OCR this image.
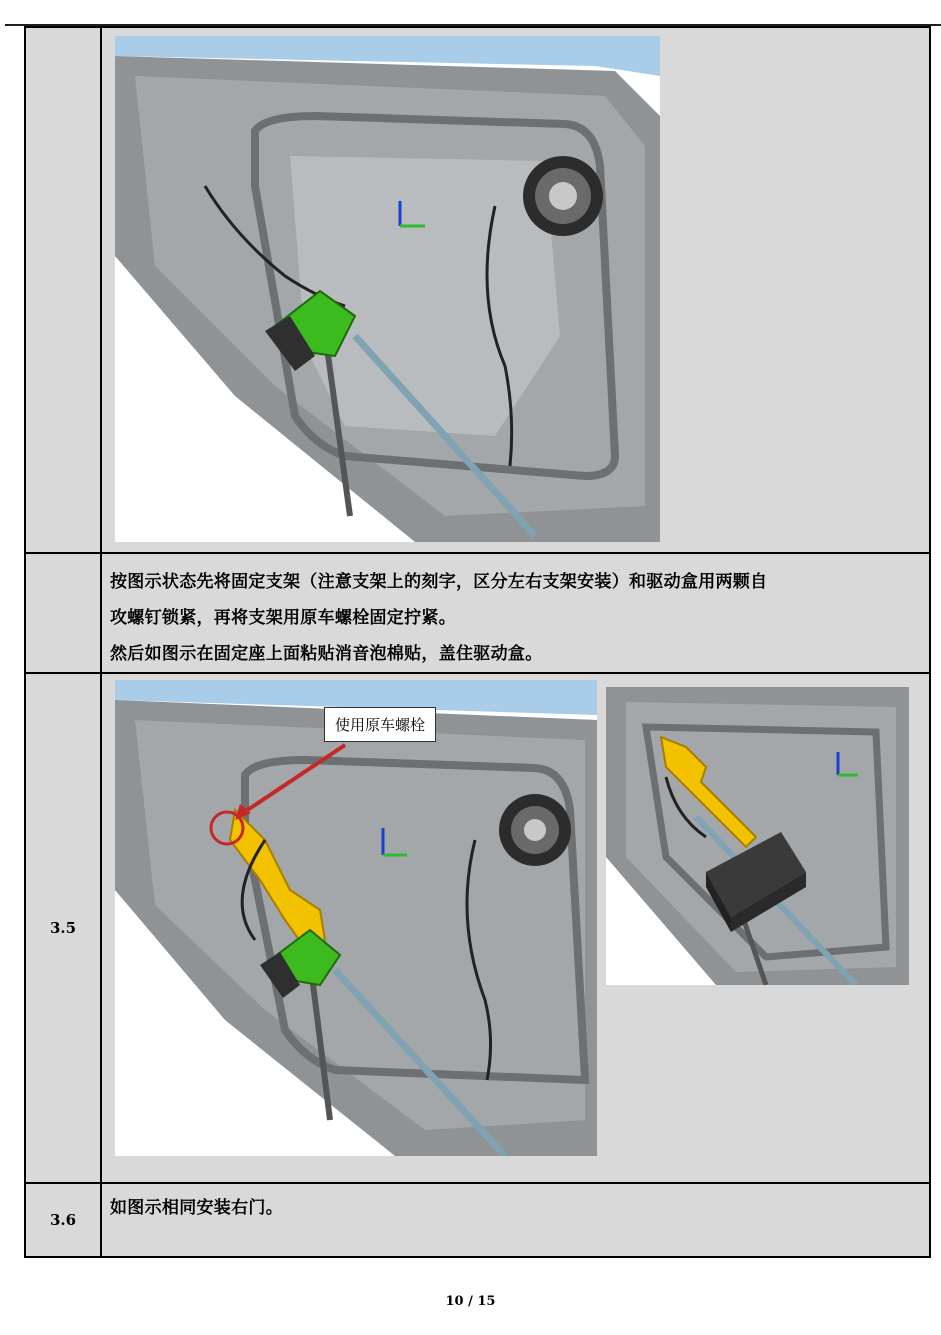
	按图示状态先将固定支架（注意支架上的刻字，区分左右支架安装）和驱动盒用两颗自
攻螺钉锁紧，再将支架用原车螺栓固定拧紧。
然后如图示在固定座上面粘贴消音泡棉贴，盖住驱动盒。

3.5	使用原车螺栓

3.6	如图示相同安装右门。
10 / 15
